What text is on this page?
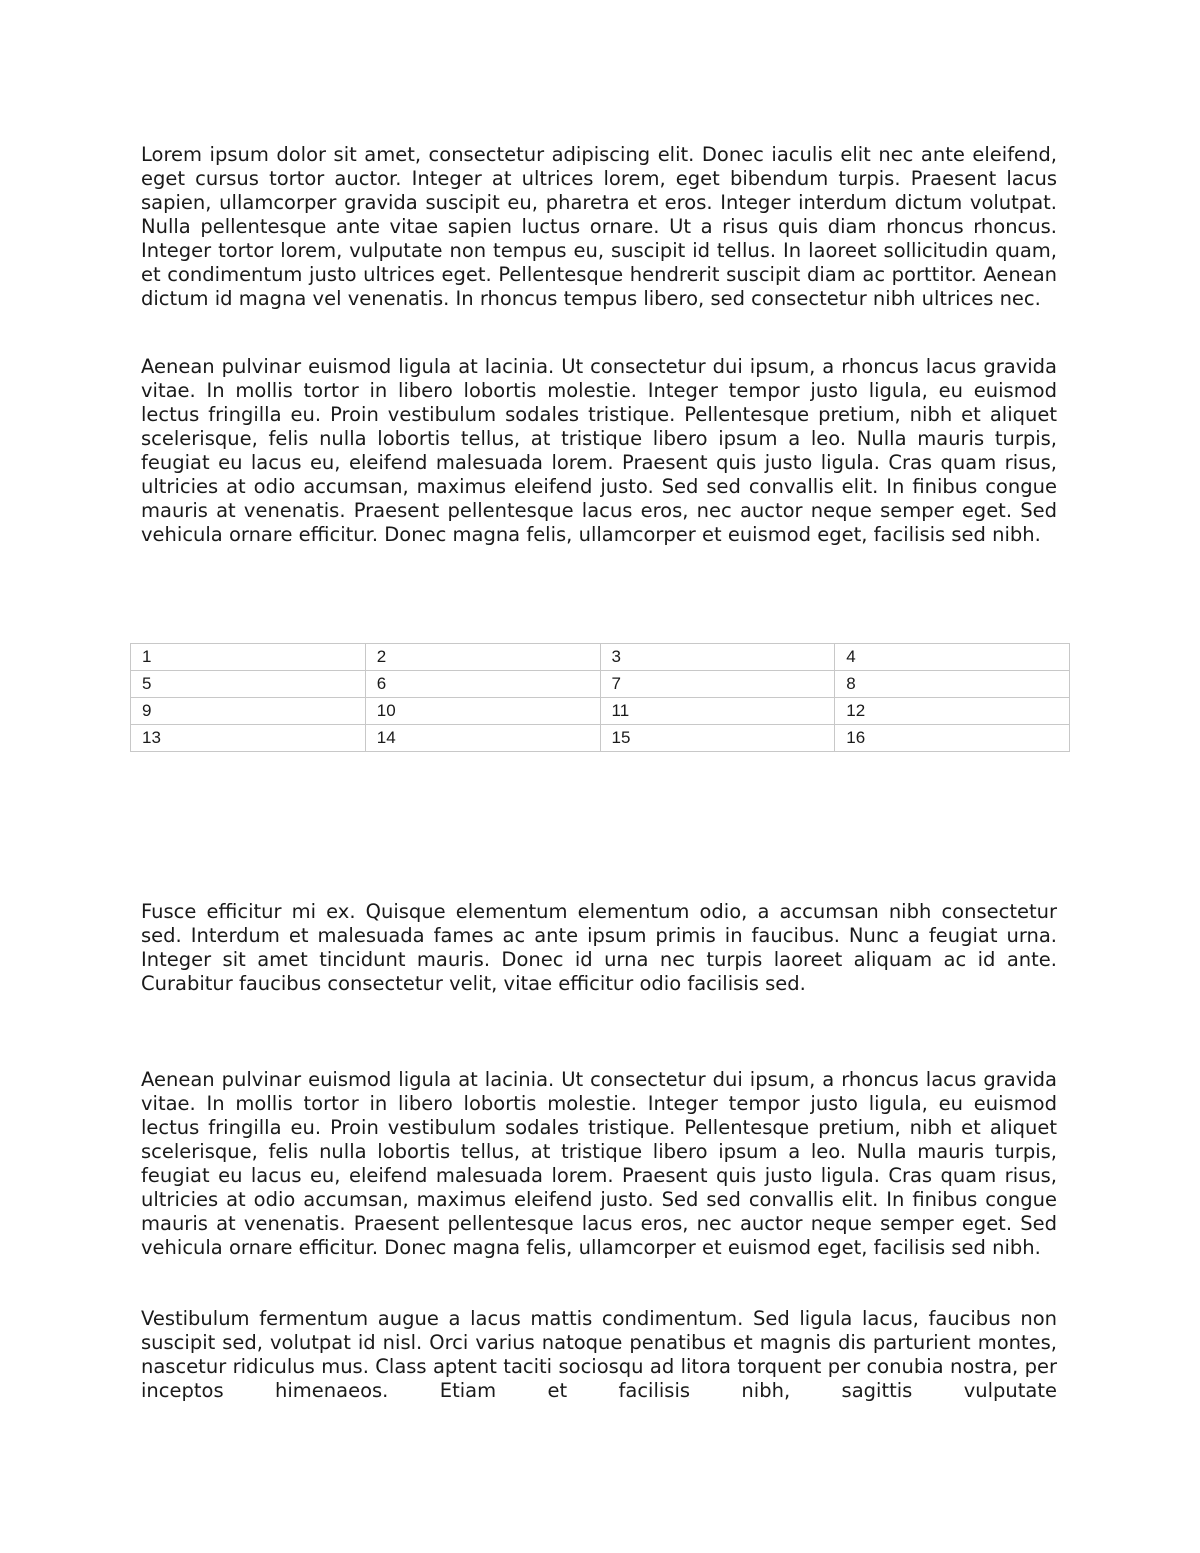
Lorem ipsum dolor sit amet, consectetur adipiscing elit. Donec iaculis elit nec ante eleifend, eget cursus tortor auctor. Integer at ultrices lorem, eget bibendum turpis. Praesent lacus sapien, ullamcorper gravida suscipit eu, pharetra et eros. Integer interdum dictum volutpat. Nulla pellentesque ante vitae sapien luctus ornare. Ut a risus quis diam rhoncus rhoncus. Integer tortor lorem, vulputate non tempus eu, suscipit id tellus. In laoreet sollicitudin quam, et condimentum justo ultrices eget. Pellentesque hendrerit suscipit diam ac porttitor. Aenean dictum id magna vel venenatis. In rhoncus tempus libero, sed consectetur nibh ultrices nec.

Aenean pulvinar euismod ligula at lacinia. Ut consectetur dui ipsum, a rhoncus lacus gravida vitae. In mollis tortor in libero lobortis molestie. Integer tempor justo ligula, eu euismod lectus fringilla eu. Proin vestibulum sodales tristique. Pellentesque pretium, nibh et aliquet scelerisque, felis nulla lobortis tellus, at tristique libero ipsum a leo. Nulla mauris turpis, feugiat eu lacus eu, eleifend malesuada lorem. Praesent quis justo ligula. Cras quam risus, ultricies at odio accumsan, maximus eleifend justo. Sed sed convallis elit. In finibus congue mauris at venenatis. Praesent pellentesque lacus eros, nec auctor neque semper eget. Sed vehicula ornare efficitur. Donec magna felis, ullamcorper et euismod eget, facilisis sed nibh.

1	2	3	4
5	6	7	8
9	10	11	12
13	14	15	16

Fusce efficitur mi ex. Quisque elementum elementum odio, a accumsan nibh consectetur sed. Interdum et malesuada fames ac ante ipsum primis in faucibus. Nunc a feugiat urna. Integer sit amet tincidunt mauris. Donec id urna nec turpis laoreet aliquam ac id ante. Curabitur faucibus consectetur velit, vitae efficitur odio facilisis sed.

Aenean pulvinar euismod ligula at lacinia. Ut consectetur dui ipsum, a rhoncus lacus gravida vitae. In mollis tortor in libero lobortis molestie. Integer tempor justo ligula, eu euismod lectus fringilla eu. Proin vestibulum sodales tristique. Pellentesque pretium, nibh et aliquet scelerisque, felis nulla lobortis tellus, at tristique libero ipsum a leo. Nulla mauris turpis, feugiat eu lacus eu, eleifend malesuada lorem. Praesent quis justo ligula. Cras quam risus, ultricies at odio accumsan, maximus eleifend justo. Sed sed convallis elit. In finibus congue mauris at venenatis. Praesent pellentesque lacus eros, nec auctor neque semper eget. Sed vehicula ornare efficitur. Donec magna felis, ullamcorper et euismod eget, facilisis sed nibh.

Vestibulum fermentum augue a lacus mattis condimentum. Sed ligula lacus, faucibus non suscipit sed, volutpat id nisl. Orci varius natoque penatibus et magnis dis parturient montes, nascetur ridiculus mus. Class aptent taciti sociosqu ad litora torquent per conubia nostra, per inceptos himenaeos. Etiam et facilisis nibh, sagittis vulputate
